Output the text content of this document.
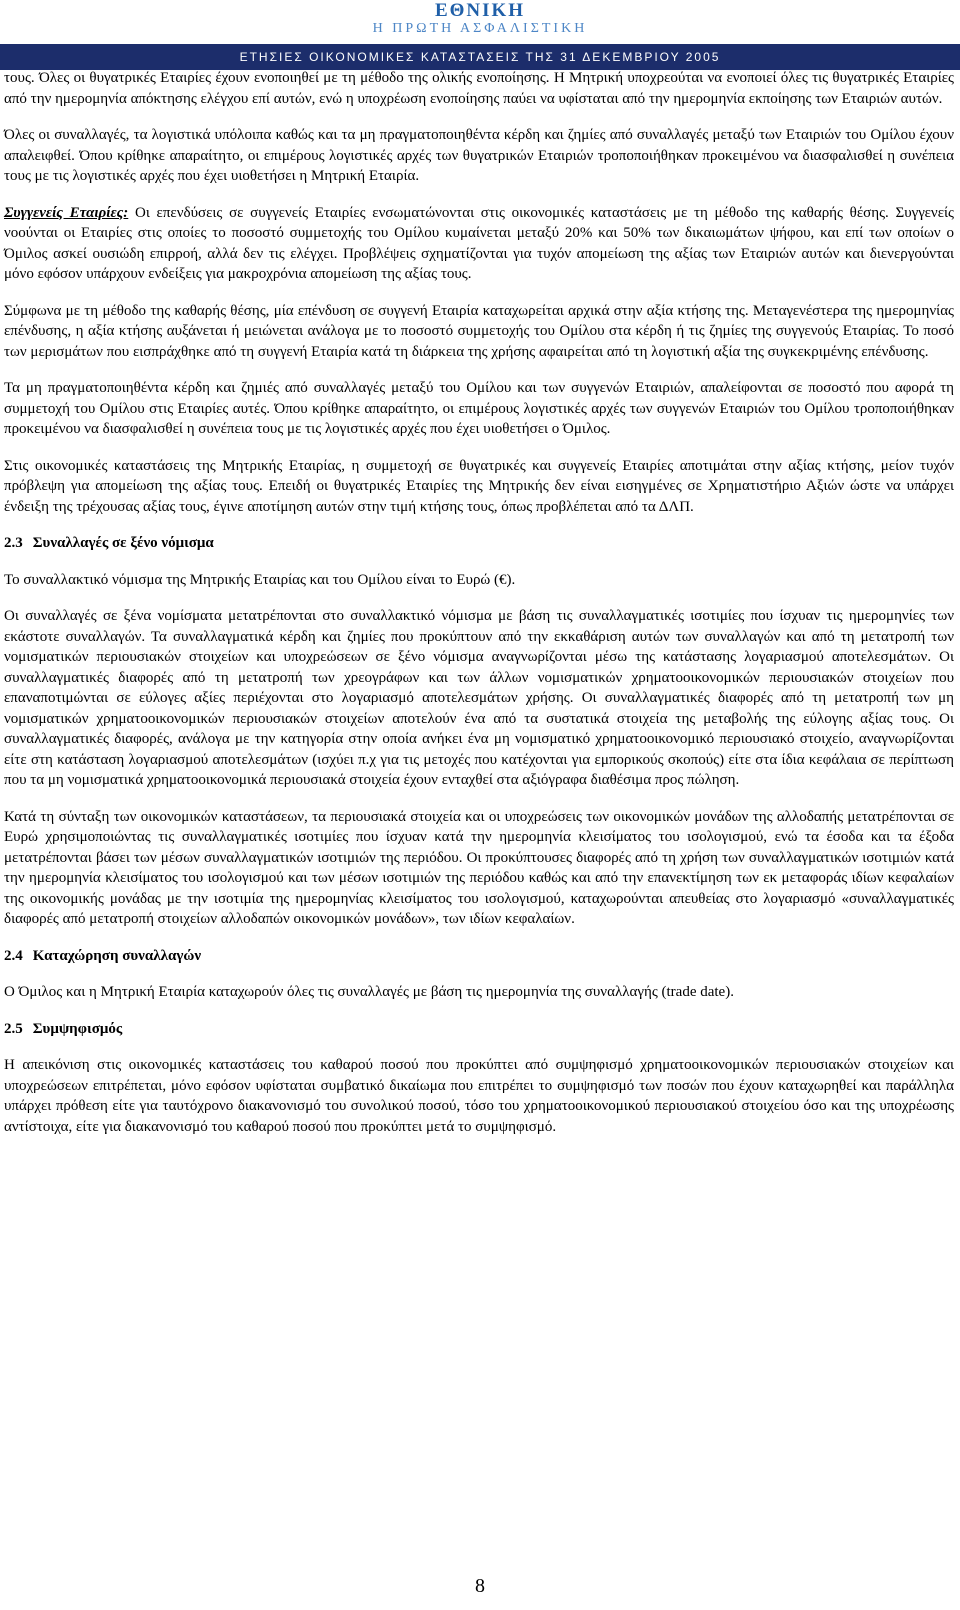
ΕΘΝΙΚΗ
Η ΠΡΩΤΗ ΑΣΦΑΛΙΣΤΙΚΗ
ΕΤΗΣΙΕΣ ΟΙΚΟΝΟΜΙΚΕΣ ΚΑΤΑΣΤΑΣΕΙΣ ΤΗΣ 31 ΔΕΚΕΜΒΡΙΟΥ 2005

τους. Όλες οι θυγατρικές Εταιρίες έχουν ενοποιηθεί με τη μέθοδο της ολικής ενοποίησης. Η Μητρική υποχρεούται να ενοποιεί όλες τις θυγατρικές Εταιρίες από την ημερομηνία απόκτησης ελέγχου επί αυτών, ενώ η υποχρέωση ενοποίησης παύει να υφίσταται από την ημερομηνία εκποίησης των Εταιριών αυτών.

Όλες οι συναλλαγές, τα λογιστικά υπόλοιπα καθώς και τα μη πραγματοποιηθέντα κέρδη και ζημίες από συναλλαγές μεταξύ των Εταιριών του Ομίλου έχουν απαλειφθεί. Όπου κρίθηκε απαραίτητο, οι επιμέρους λογιστικές αρχές των θυγατρικών Εταιριών τροποποιήθηκαν προκειμένου να διασφαλισθεί η συνέπεια τους με τις λογιστικές αρχές που έχει υιοθετήσει η Μητρική Εταιρία.

Συγγενείς Εταιρίες: Οι επενδύσεις σε συγγενείς Εταιρίες ενσωματώνονται στις οικονομικές καταστάσεις με τη μέθοδο της καθαρής θέσης. Συγγενείς νοούνται οι Εταιρίες στις οποίες το ποσοστό συμμετοχής του Ομίλου κυμαίνεται μεταξύ 20% και 50% των δικαιωμάτων ψήφου, και επί των οποίων ο Όμιλος ασκεί ουσιώδη επιρροή, αλλά δεν τις ελέγχει. Προβλέψεις σχηματίζονται για τυχόν απομείωση της αξίας των Εταιριών αυτών και διενεργούνται μόνο εφόσον υπάρχουν ενδείξεις για μακροχρόνια απομείωση της αξίας τους.

Σύμφωνα με τη μέθοδο της καθαρής θέσης, μία επένδυση σε συγγενή Εταιρία καταχωρείται αρχικά στην αξία κτήσης της. Μεταγενέστερα της ημερομηνίας επένδυσης, η αξία κτήσης αυξάνεται ή μειώνεται ανάλογα με το ποσοστό συμμετοχής του Ομίλου στα κέρδη ή τις ζημίες της συγγενούς Εταιρίας. Το ποσό των μερισμάτων που εισπράχθηκε από τη συγγενή Εταιρία κατά τη διάρκεια της χρήσης αφαιρείται από τη λογιστική αξία της συγκεκριμένης επένδυσης.

Τα μη πραγματοποιηθέντα κέρδη και ζημιές από συναλλαγές μεταξύ του Ομίλου και των συγγενών Εταιριών, απαλείφονται σε ποσοστό που αφορά τη συμμετοχή του Ομίλου στις Εταιρίες αυτές. Όπου κρίθηκε απαραίτητο, οι επιμέρους λογιστικές αρχές των συγγενών Εταιριών του Ομίλου τροποποιήθηκαν προκειμένου να διασφαλισθεί η συνέπεια τους με τις λογιστικές αρχές που έχει υιοθετήσει ο Όμιλος.

Στις οικονομικές καταστάσεις της Μητρικής Εταιρίας, η συμμετοχή σε θυγατρικές και συγγενείς Εταιρίες αποτιμάται στην αξίας κτήσης, μείον τυχόν πρόβλεψη για απομείωση της αξίας τους. Επειδή οι θυγατρικές Εταιρίες της Μητρικής δεν είναι εισηγμένες σε Χρηματιστήριο Αξιών ώστε να υπάρχει ένδειξη της τρέχουσας αξίας τους, έγινε αποτίμηση αυτών στην τιμή κτήσης τους, όπως προβλέπεται από τα ΔΛΠ.

2.3 Συναλλαγές σε ξένο νόμισμα

Το συναλλακτικό νόμισμα της Μητρικής Εταιρίας και του Ομίλου είναι το Ευρώ (€).

Οι συναλλαγές σε ξένα νομίσματα μετατρέπονται στο συναλλακτικό νόμισμα με βάση τις συναλλαγματικές ισοτιμίες που ίσχυαν τις ημερομηνίες των εκάστοτε συναλλαγών. Τα συναλλαγματικά κέρδη και ζημίες που προκύπτουν από την εκκαθάριση αυτών των συναλλαγών και από τη μετατροπή των νομισματικών περιουσιακών στοιχείων και υποχρεώσεων σε ξένο νόμισμα αναγνωρίζονται μέσω της κατάστασης λογαριασμού αποτελεσμάτων. Οι συναλλαγματικές διαφορές από τη μετατροπή των χρεογράφων και των άλλων νομισματικών χρηματοοικονομικών περιουσιακών στοιχείων που επαναποτιμώνται σε εύλογες αξίες περιέχονται στο λογαριασμό αποτελεσμάτων χρήσης. Οι συναλλαγματικές διαφορές από τη μετατροπή των μη νομισματικών χρηματοοικονομικών περιουσιακών στοιχείων αποτελούν ένα από τα συστατικά στοιχεία της μεταβολής της εύλογης αξίας τους. Οι συναλλαγματικές διαφορές, ανάλογα με την κατηγορία στην οποία ανήκει ένα μη νομισματικό χρηματοοικονομικό περιουσιακό στοιχείο, αναγνωρίζονται είτε στη κατάσταση λογαριασμού αποτελεσμάτων (ισχύει π.χ για τις μετοχές που κατέχονται για εμπορικούς σκοπούς) είτε στα ίδια κεφάλαια σε περίπτωση που τα μη νομισματικά χρηματοοικονομικά περιουσιακά στοιχεία έχουν ενταχθεί στα αξιόγραφα διαθέσιμα προς πώληση.

Κατά τη σύνταξη των οικονομικών καταστάσεων, τα περιουσιακά στοιχεία και οι υποχρεώσεις των οικονομικών μονάδων της αλλοδαπής μετατρέπονται σε Ευρώ χρησιμοποιώντας τις συναλλαγματικές ισοτιμίες που ίσχυαν κατά την ημερομηνία κλεισίματος του ισολογισμού, ενώ τα έσοδα και τα έξοδα μετατρέπονται βάσει των μέσων συναλλαγματικών ισοτιμιών της περιόδου. Οι προκύπτουσες διαφορές από τη χρήση των συναλλαγματικών ισοτιμιών κατά την ημερομηνία κλεισίματος του ισολογισμού και των μέσων ισοτιμιών της περιόδου καθώς και από την επανεκτίμηση των εκ μεταφοράς ιδίων κεφαλαίων της οικονομικής μονάδας με την ισοτιμία της ημερομηνίας κλεισίματος του ισολογισμού, καταχωρούνται απευθείας στο λογαριασμό «συναλλαγματικές διαφορές από μετατροπή στοιχείων αλλοδαπών οικονομικών μονάδων», των ιδίων κεφαλαίων.

2.4 Καταχώρηση συναλλαγών

Ο Όμιλος και η Μητρική Εταιρία καταχωρούν όλες τις συναλλαγές με βάση τις ημερομηνία της συναλλαγής (trade date).

2.5 Συμψηφισμός

Η απεικόνιση στις οικονομικές καταστάσεις του καθαρού ποσού που προκύπτει από συμψηφισμό χρηματοοικονομικών περιουσιακών στοιχείων και υποχρεώσεων επιτρέπεται, μόνο εφόσον υφίσταται συμβατικό δικαίωμα που επιτρέπει το συμψηφισμό των ποσών που έχουν καταχωρηθεί και παράλληλα υπάρχει πρόθεση είτε για ταυτόχρονο διακανονισμό του συνολικού ποσού, τόσο του χρηματοοικονομικού περιουσιακού στοιχείου όσο και της υποχρέωσης αντίστοιχα, είτε για διακανονισμό του καθαρού ποσού που προκύπτει μετά το συμψηφισμό.

8
